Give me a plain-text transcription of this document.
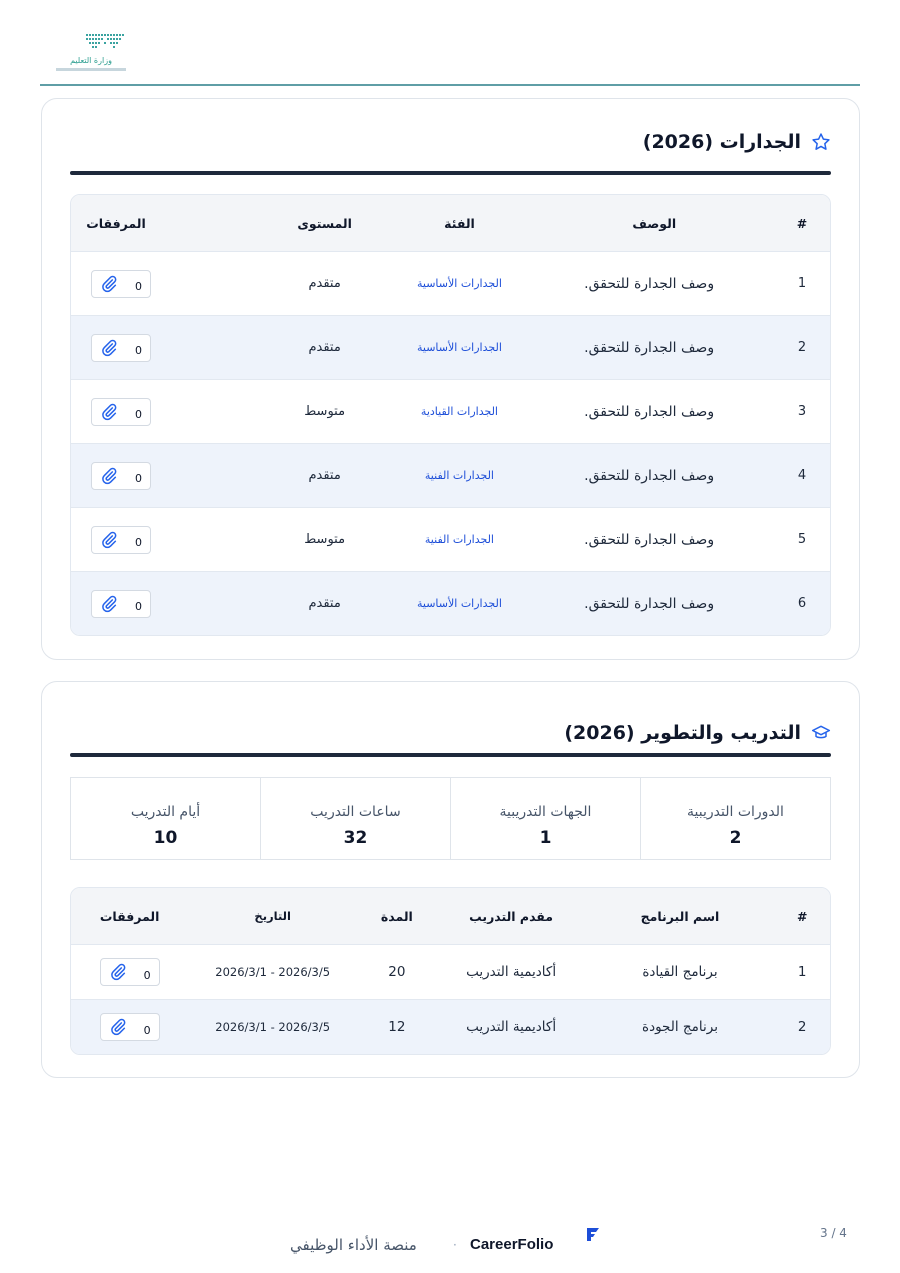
وزارة التعليم
الجدارات (2026)
#
الوصف
الفئة
المستوى
المرفقات
1
وصف الجدارة للتحقق.
الجدارات الأساسية
متقدم
0
2
وصف الجدارة للتحقق.
الجدارات الأساسية
متقدم
0
3
وصف الجدارة للتحقق.
الجدارات القيادية
متوسط
0
4
وصف الجدارة للتحقق.
الجدارات الفنية
متقدم
0
5
وصف الجدارة للتحقق.
الجدارات الفنية
متوسط
0
6
وصف الجدارة للتحقق.
الجدارات الأساسية
متقدم
0
التدريب والتطوير (2026)
الدورات التدريبية
2
الجهات التدريبية
1
ساعات التدريب
32
أيام التدريب
10
#
اسم البرنامج
مقدم التدريب
المدة
التاريخ
المرفقات
1
برنامج القيادة
أكاديمية التدريب
20
2026/3/5 - 2026/3/1
0
2
برنامج الجودة
أكاديمية التدريب
12
2026/3/5 - 2026/3/1
0
منصة الأداء الوظيفي	· CareerFolio
3 / 4
